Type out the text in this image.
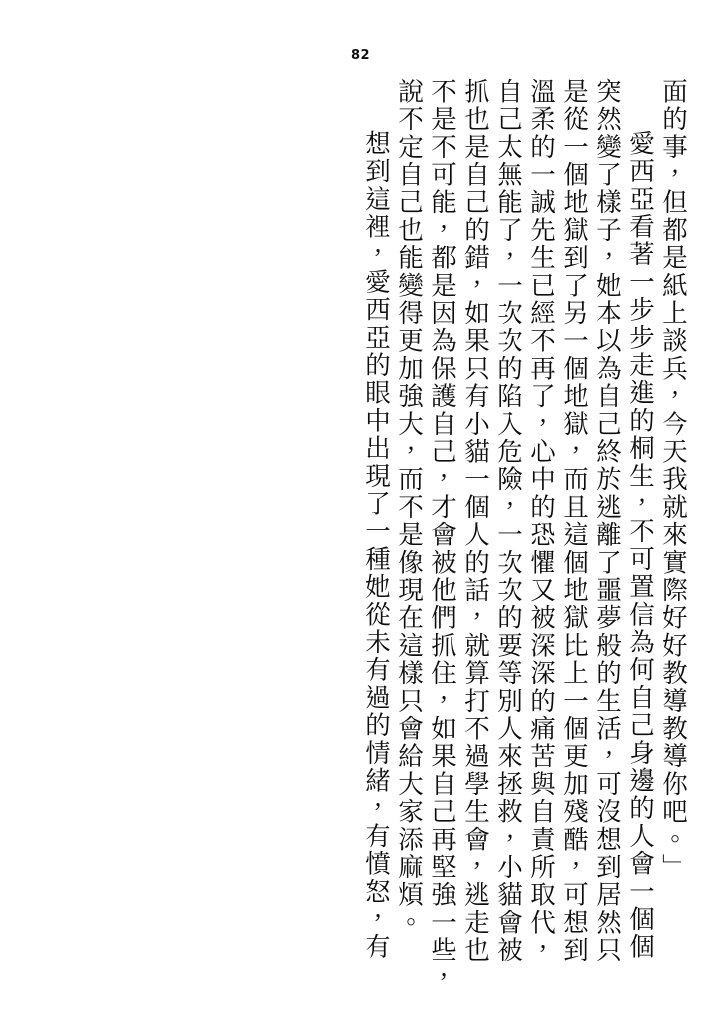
82
面的事，但都是紙上談兵，今天我就來實際好好教導教導你吧。」
愛西亞看著一步步走進的桐生，不可置信為何自己身邊的人會一個個
突然變了樣子，她本以為自己終於逃離了噩夢般的生活，可沒想到居然只
是從一個地獄到了另一個地獄，而且這個地獄比上一個更加殘酷，可想到
溫柔的一誠先生已經不再了，心中的恐懼又被深深的痛苦與自責所取代，
自己太無能了，一次次的陷入危險，一次次的要等別人來拯救，小貓會被
抓也是自己的錯，如果只有小貓一個人的話，就算打不過學生會，逃走也
不是不可能，都是因為保護自己，才會被他們抓住，如果自己再堅強一些，
說不定自己也能變得更加強大，而不是像現在這樣只會給大家添麻煩。
想到這裡，愛西亞的眼中出現了一種她從未有過的情緒，有憤怒，有
